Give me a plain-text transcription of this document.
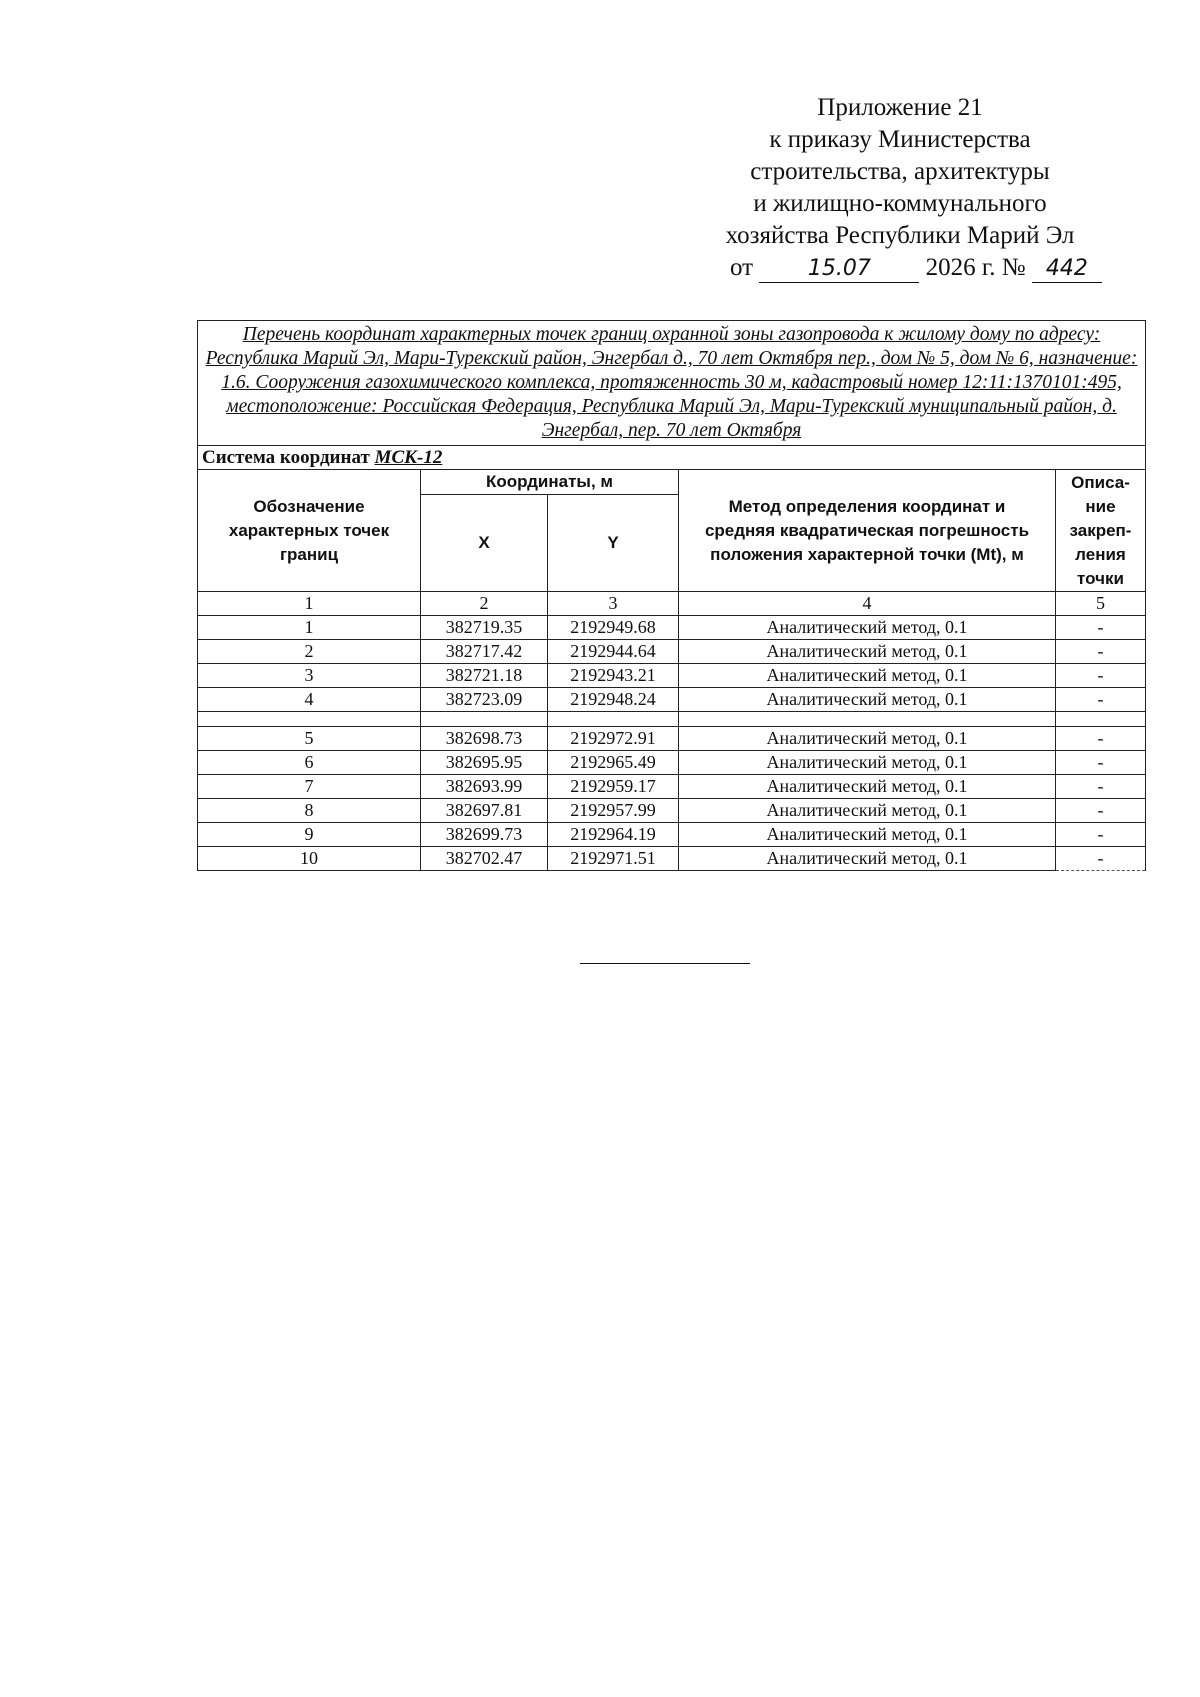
Приложение 21
к приказу Министерства
строительства, архитектуры
и жилищно-коммунального
хозяйства Республики Марий Эл
от 15.07 2026 г. № 442
Перечень координат характерных точек границ охранной зоны газопровода к жилому дому по адресу: Республика Марий Эл, Мари-Турекский район, Энгербал д., 70 лет Октября пер., дом № 5, дом № 6, назначение: 1.6. Сооружения газохимического комплекса, протяженность 30 м, кадастровый номер 12:11:1370101:495, местоположение: Российская Федерация, Республика Марий Эл, Мари-Турекский муниципальный район, д. Энгербал, пер. 70 лет Октября				
Система координат МСК-12				
Обозначение характерных точек границ	Координаты, м		Метод определения координат и средняя квадратическая погрешность положения характерной точки (Mt), м	Описа-ние закреп-ления точки
	X	Y		
1	2	3	4	5
1	382719.35	2192949.68	Аналитический метод, 0.1	-
2	382717.42	2192944.64	Аналитический метод, 0.1	-
3	382721.18	2192943.21	Аналитический метод, 0.1	-
4	382723.09	2192948.24	Аналитический метод, 0.1	-

5	382698.73	2192972.91	Аналитический метод, 0.1	-
6	382695.95	2192965.49	Аналитический метод, 0.1	-
7	382693.99	2192959.17	Аналитический метод, 0.1	-
8	382697.81	2192957.99	Аналитический метод, 0.1	-
9	382699.73	2192964.19	Аналитический метод, 0.1	-
10	382702.47	2192971.51	Аналитический метод, 0.1	-
